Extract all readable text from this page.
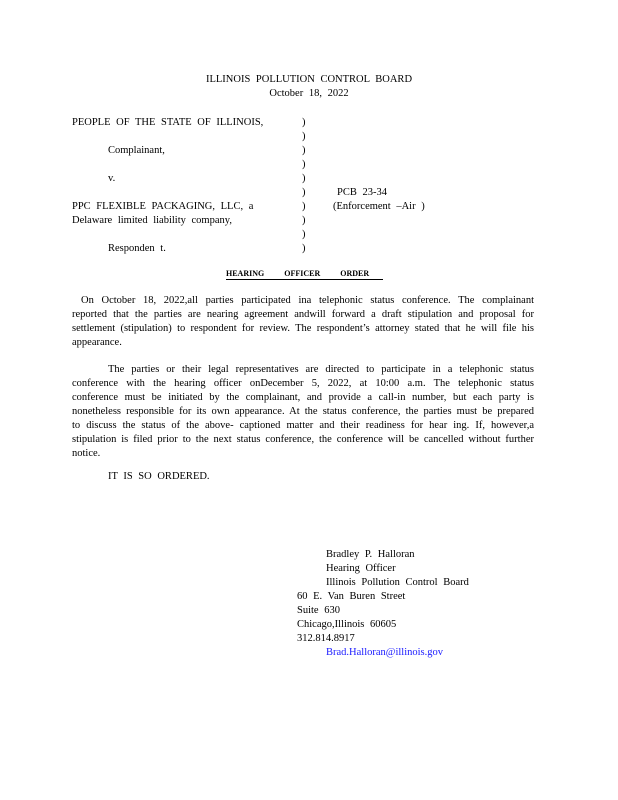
ILLINOIS POLLUTION CONTROL BOARD
October 18, 2022
PEOPLE OF THE STATE OF ILLINOIS,
Complainant,
v.
PPC FLEXIBLE PACKAGING, LLC, a
Delaware limited liability company,
Responden t.
)
)
)
)
)
)
)
)
)
)
PCB 23-34
(Enforcement –Air )
HEARING OFFICER ORDER
On October 18, 2022,all parties participated ina telephonic status conference. The complainant reported that the parties are nearing agreement andwill forward a draft stipulation and proposal for settlement (stipulation) to respondent for review. The respondent’s attorney stated that he will file his appearance.
The parties or their legal representatives are directed to participate in a telephonic status conference with the hearing officer onDecember 5, 2022, at 10:00 a.m. The telephonic status conference must be initiated by the complainant, and provide a call-in number, but each party is nonetheless responsible for its own appearance. At the status conference, the parties must be prepared to discuss the status of the above- captioned matter and their readiness for hear ing. If, however,a stipulation is filed prior to the next status conference, the conference will be cancelled without further notice.
IT IS SO ORDERED.
Bradley P. Halloran
Hearing Officer
Illinois Pollution Control Board
60 E. Van Buren Street
Suite 630
Chicago,Illinois 60605
312.814.8917
Brad.Halloran@illinois.gov
